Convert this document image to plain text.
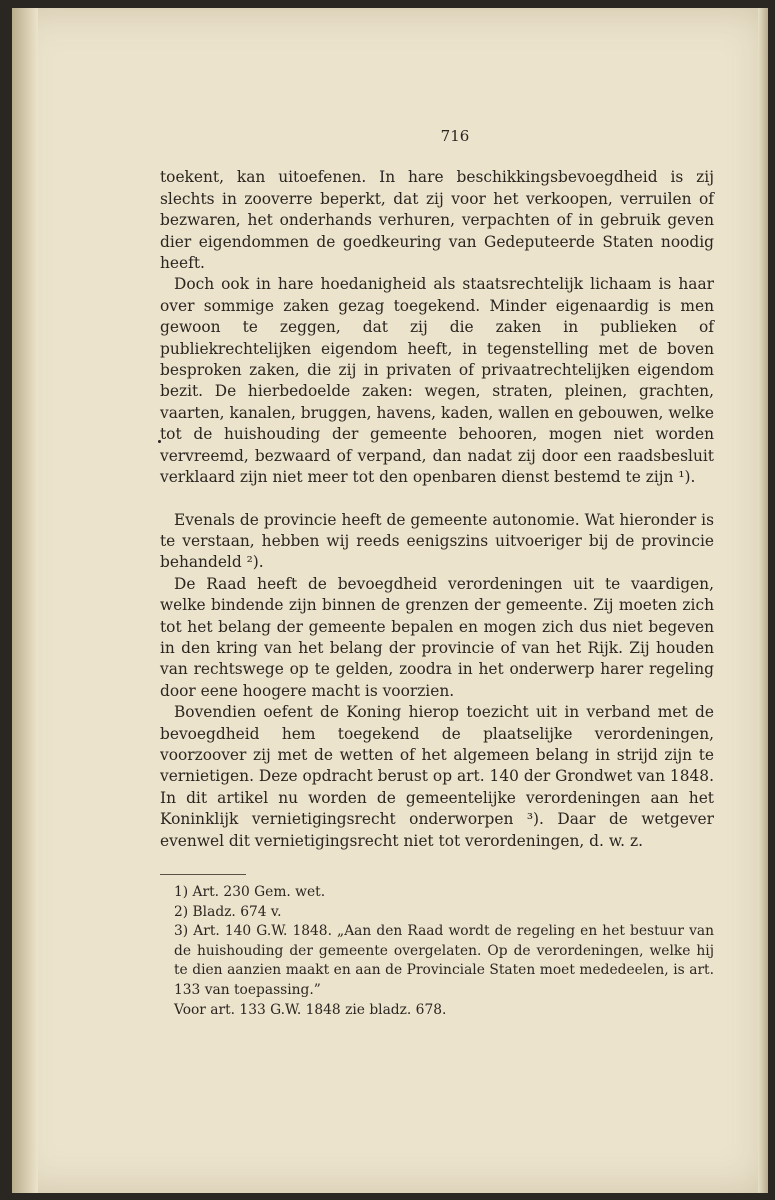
716

toekent, kan uitoefenen. In hare beschikkingsbevoegdheid is zij slechts in zooverre beperkt, dat zij voor het verkoopen, verruilen of bezwaren, het onderhands verhuren, verpachten of in gebruik geven dier eigendommen de goedkeuring van Gedeputeerde Staten noodig heeft.

Doch ook in hare hoedanigheid als staatsrechtelijk lichaam is haar over sommige zaken gezag toegekend. Minder eigenaardig is men gewoon te zeggen, dat zij die zaken in publieken of publiekrechtelijken eigendom heeft, in tegenstelling met de boven besproken zaken, die zij in privaten of privaatrechtelijken eigendom bezit. De hierbedoelde zaken: wegen, straten, pleinen, grachten, vaarten, kanalen, bruggen, havens, kaden, wallen en gebouwen, welke tot de huishouding der gemeente behooren, mogen niet worden vervreemd, bezwaard of verpand, dan nadat zij door een raadsbesluit verklaard zijn niet meer tot den openbaren dienst bestemd te zijn ¹).

Evenals de provincie heeft de gemeente autonomie. Wat hieronder is te verstaan, hebben wij reeds eenigszins uitvoeriger bij de provincie behandeld ²).

De Raad heeft de bevoegdheid verordeningen uit te vaardigen, welke bindende zijn binnen de grenzen der gemeente. Zij moeten zich tot het belang der gemeente bepalen en mogen zich dus niet begeven in den kring van het belang der provincie of van het Rijk. Zij houden van rechtswege op te gelden, zoodra in het onderwerp harer regeling door eene hoogere macht is voorzien.

Bovendien oefent de Koning hierop toezicht uit in verband met de bevoegdheid hem toegekend de plaatselijke verordeningen, voorzoover zij met de wetten of het algemeen belang in strijd zijn te vernietigen. Deze opdracht berust op art. 140 der Grondwet van 1848. In dit artikel nu worden de gemeentelijke verordeningen aan het Koninklijk vernietigingsrecht onderworpen ³). Daar de wetgever evenwel dit vernietigingsrecht niet tot verordeningen, d. w. z.

1) Art. 230 Gem. wet.

2) Bladz. 674 v.

3) Art. 140 G.W. 1848. „Aan den Raad wordt de regeling en het bestuur van de huishouding der gemeente overgelaten. Op de verordeningen, welke hij te dien aanzien maakt en aan de Provinciale Staten moet mededeelen, is art. 133 van toepassing.”

Voor art. 133 G.W. 1848 zie bladz. 678.
